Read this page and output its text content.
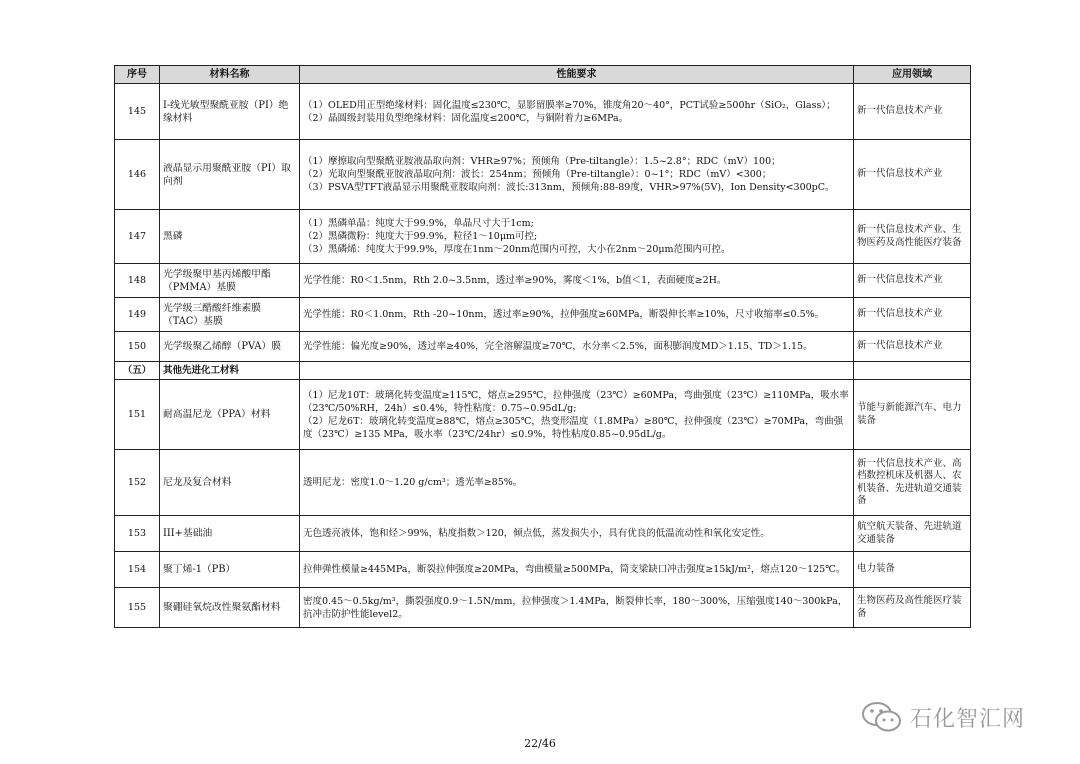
序号	材料名称	性能要求	应用领域
145	I-线光敏型聚酰亚胺（PI）绝缘材料	（1）OLED用正型绝缘材料：固化温度≤230℃，显影留膜率≥70%，锥度角20～40°，PCT试验≥500hr（SiO₂，Glass）；
（2）晶圆级封装用负型绝缘材料：固化温度≤200℃，与铜附着力≥6MPa。	新一代信息技术产业
146	液晶显示用聚酰亚胺（PI）取向剂	（1）摩擦取向型聚酰亚胺液晶取向剂：VHR≥97%；预倾角（Pre-tiltangle）：1.5~2.8°；RDC（mV）100；
（2）光取向型聚酰亚胺液晶取向剂：波长：254nm；预倾角（Pre-tiltangle）：0~1°；RDC（mV）<300；
（3）PSVA型TFT液晶显示用聚酰亚胺取向剂：波长:313nm，预倾角:88-89度，VHR>97%(5V)，Ion Density<300pC。	新一代信息技术产业
147	黑磷	（1）黑磷单晶：纯度大于99.9%，单晶尺寸大于1cm;
（2）黑磷微粉：纯度大于99.9%，粒径1～10μm可控;
（3）黑磷烯：纯度大于99.9%，厚度在1nm～20nm范围内可控，大小在2nm～20μm范围内可控。	新一代信息技术产业、生物医药及高性能医疗装备
148	光学级聚甲基丙烯酸甲酯（PMMA）基膜	光学性能：R0＜1.5nm，Rth 2.0~3.5nm，透过率≥90%，雾度＜1%，b值＜1，表面硬度≥2H。	新一代信息技术产业
149	光学级三醋酸纤维素膜（TAC）基膜	光学性能：R0＜1.0nm，Rth -20~10nm，透过率≥90%，拉伸强度≥60MPa，断裂伸长率≥10%，尺寸收缩率≤0.5%。	新一代信息技术产业
150	光学级聚乙烯醇（PVA）膜	光学性能：偏光度≥90%，透过率≥40%，完全溶解温度≥70℃，水分率＜2.5%，面积膨润度MD＞1.15、TD＞1.15。	新一代信息技术产业
（五）	其他先进化工材料		
151	耐高温尼龙（PPA）材料	（1）尼龙10T：玻璃化转变温度≥115℃，熔点≥295℃，拉伸强度（23℃）≥60MPa，弯曲强度（23℃）≥110MPa，吸水率（23℃/50%RH，24h）≤0.4%，特性粘度：0.75~0.95dL/g;
（2）尼龙6T：玻璃化转变温度≥88℃，熔点≥305℃，热变形温度（1.8MPa）≥80℃，拉伸强度（23℃）≥70MPa，弯曲强度（23℃）≥135 MPa，吸水率（23℃/24hr）≤0.9%，特性粘度0.85~0.95dL/g。	节能与新能源汽车、电力装备
152	尼龙及复合材料	透明尼龙：密度1.0～1.20 g/cm³；透光率≥85%。	新一代信息技术产业、高档数控机床及机器人、农机装备、先进轨道交通装备
153	III+基础油	无色透亮液体，饱和烃＞99%，粘度指数＞120，倾点低，蒸发损失小，具有优良的低温流动性和氧化安定性。	航空航天装备、先进轨道交通装备
154	聚丁烯-1（PB）	拉伸弹性模量≥445MPa，断裂拉伸强度≥20MPa，弯曲模量≥500MPa，筒支梁缺口冲击强度≥15kJ/m²，熔点120～125℃。	电力装备
155	聚硼硅氧烷改性聚氨酯材料	密度0.45～0.5kg/m³，撕裂强度0.9～1.5N/mm，拉伸强度＞1.4MPa，断裂伸长率，180～300%，压缩强度140～300kPa，抗冲击防护性能level2。	生物医药及高性能医疗装备
石化智汇网
22/46
